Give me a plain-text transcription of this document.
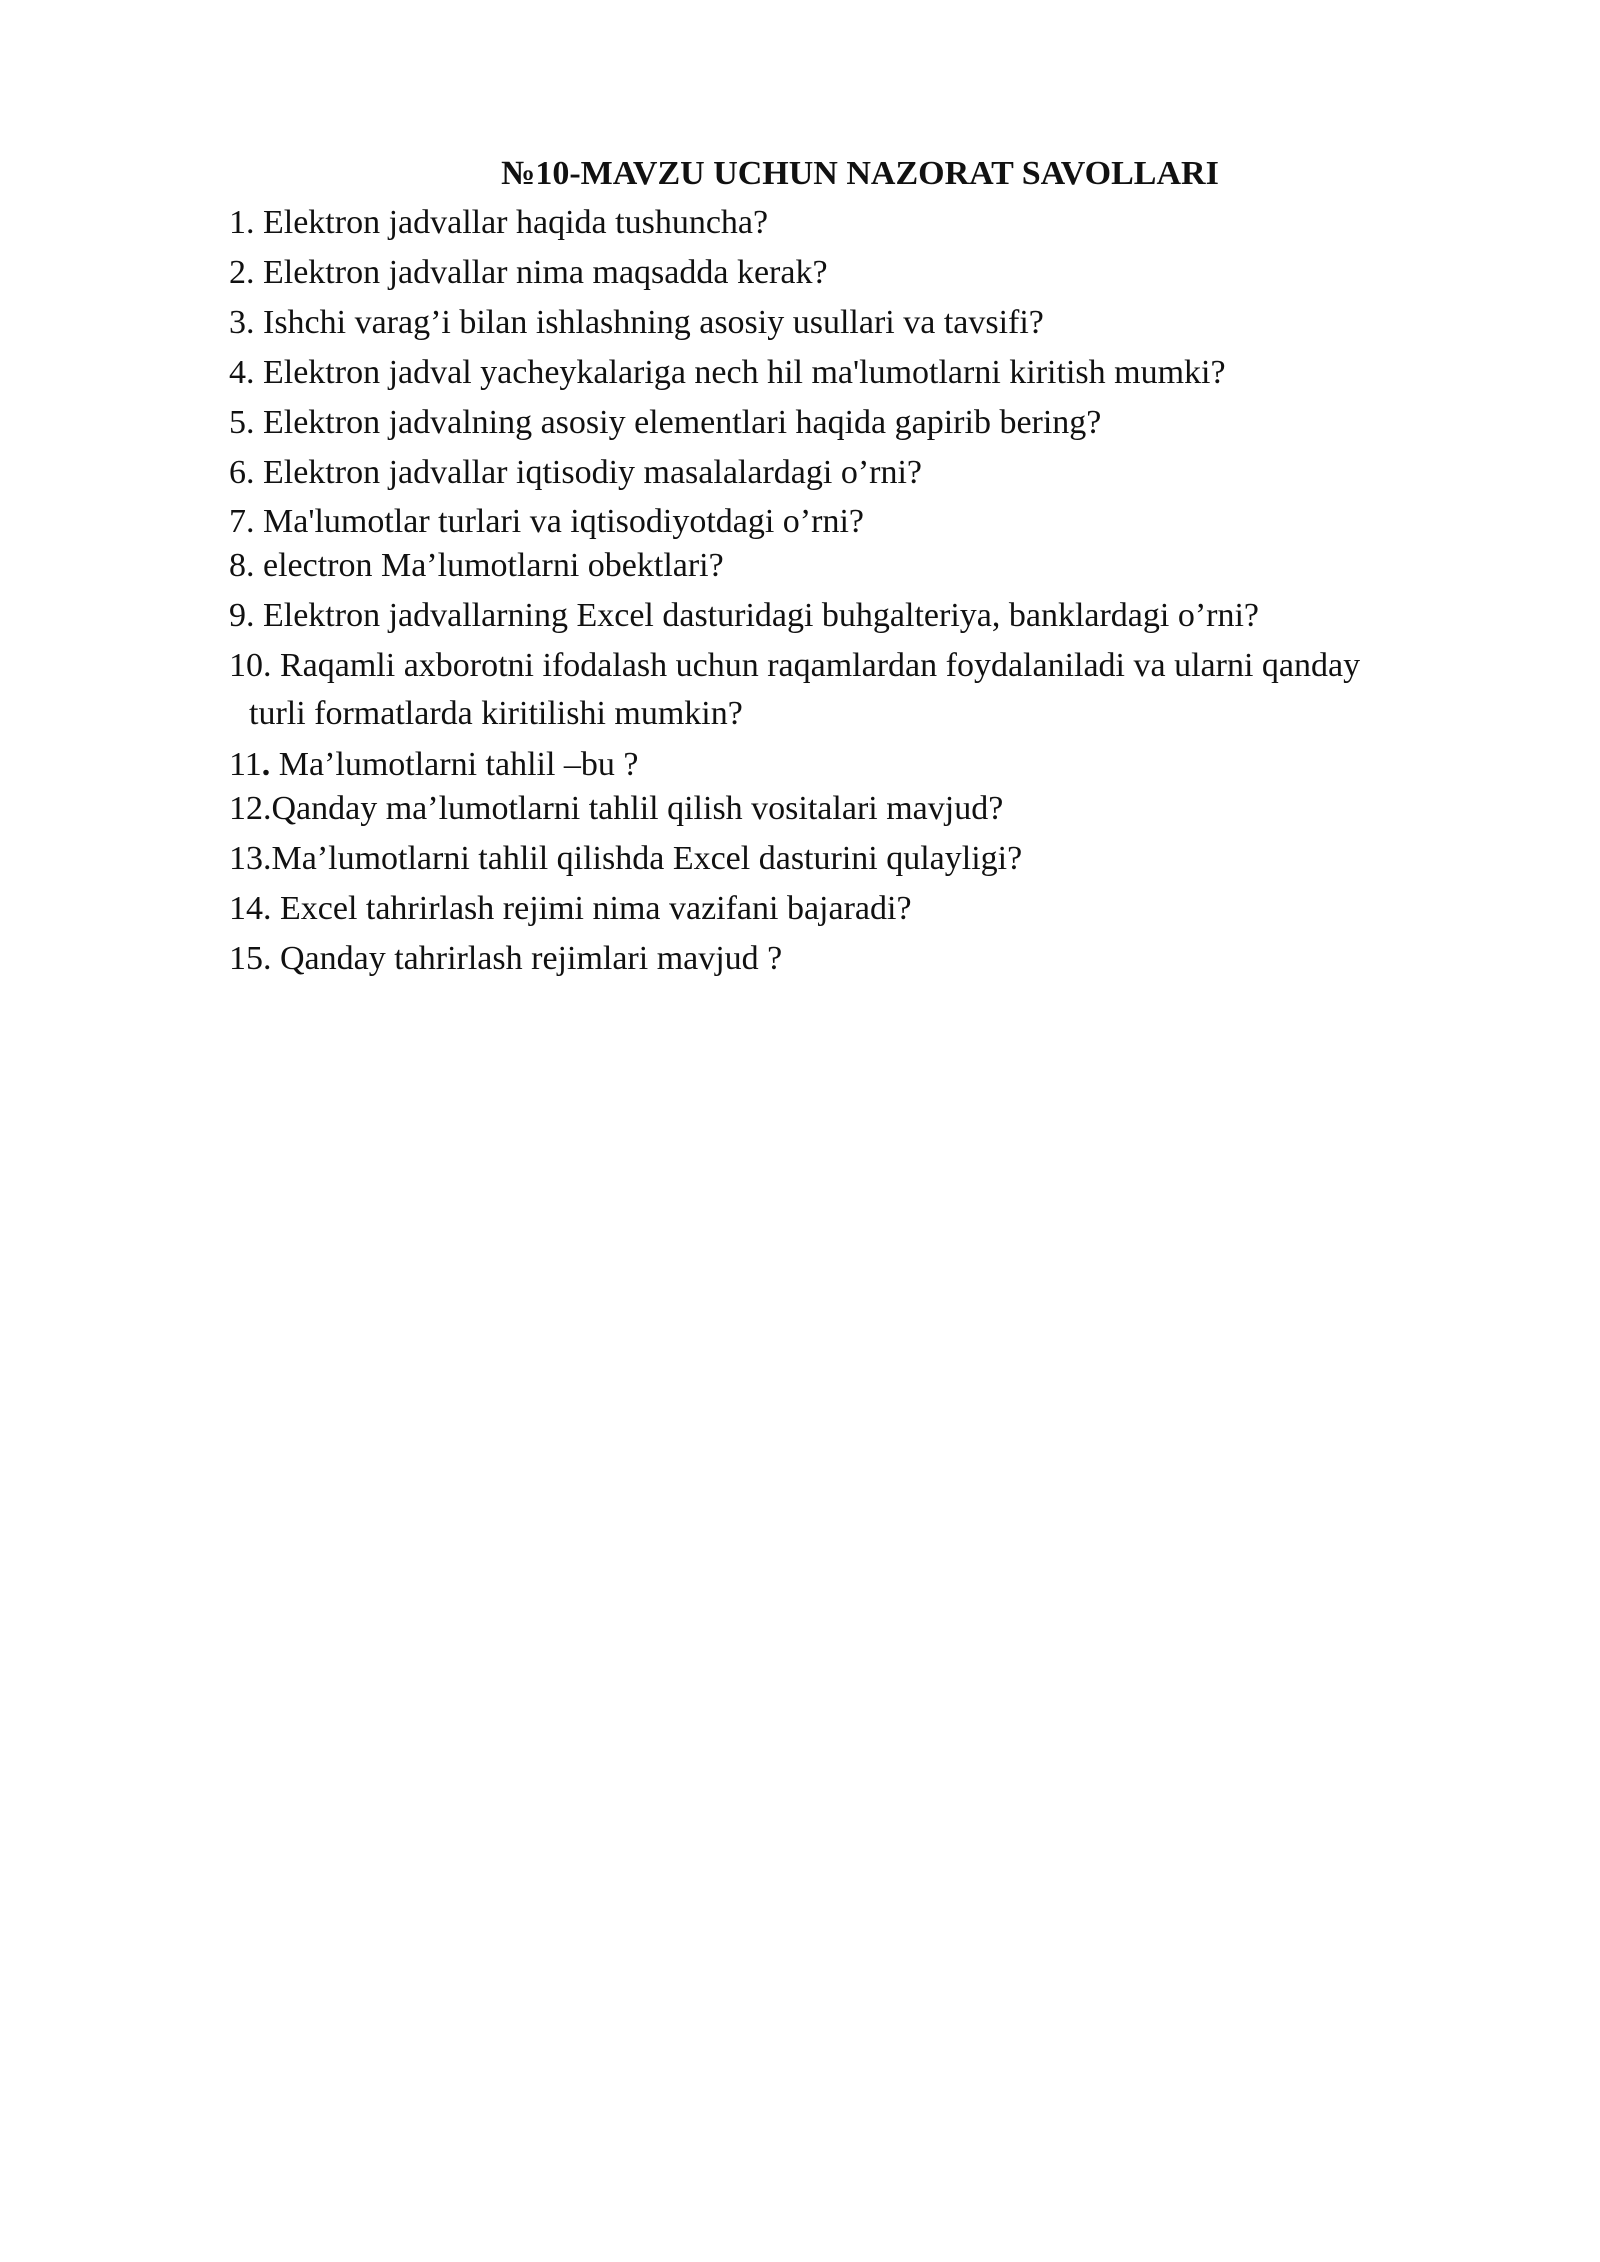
№10-MAVZU UCHUN NAZORAT SAVOLLARI
1. Elektron jadvallar haqida tushuncha?
2. Elektron jadvallar nima maqsadda kerak?
3. Ishchi varag’i bilan ishlashning asosiy usullari va tavsifi?
4. Elektron jadval yacheykalariga nech hil ma'lumotlarni kiritish mumki?
5. Elektron jadvalning asosiy elementlari haqida gapirib bering?
6. Elektron jadvallar iqtisodiy masalalardagi o’rni?
7. Ma'lumotlar turlari va iqtisodiyotdagi o’rni?
8. electron Ma’lumotlarni obektlari?
9. Elektron jadvallarning Excel dasturidagi buhgalteriya, banklardagi o’rni?
10. Raqamli axborotni ifodalash uchun raqamlardan foydalaniladi va ularni qanday
turli formatlarda kiritilishi mumkin?
11. Ma’lumotlarni tahlil –bu ?
12.Qanday ma’lumotlarni tahlil qilish vositalari mavjud?
13.Ma’lumotlarni tahlil qilishda Excel dasturini qulayligi?
14. Excel tahrirlash rejimi nima vazifani bajaradi?
15. Qanday tahrirlash rejimlari mavjud ?
